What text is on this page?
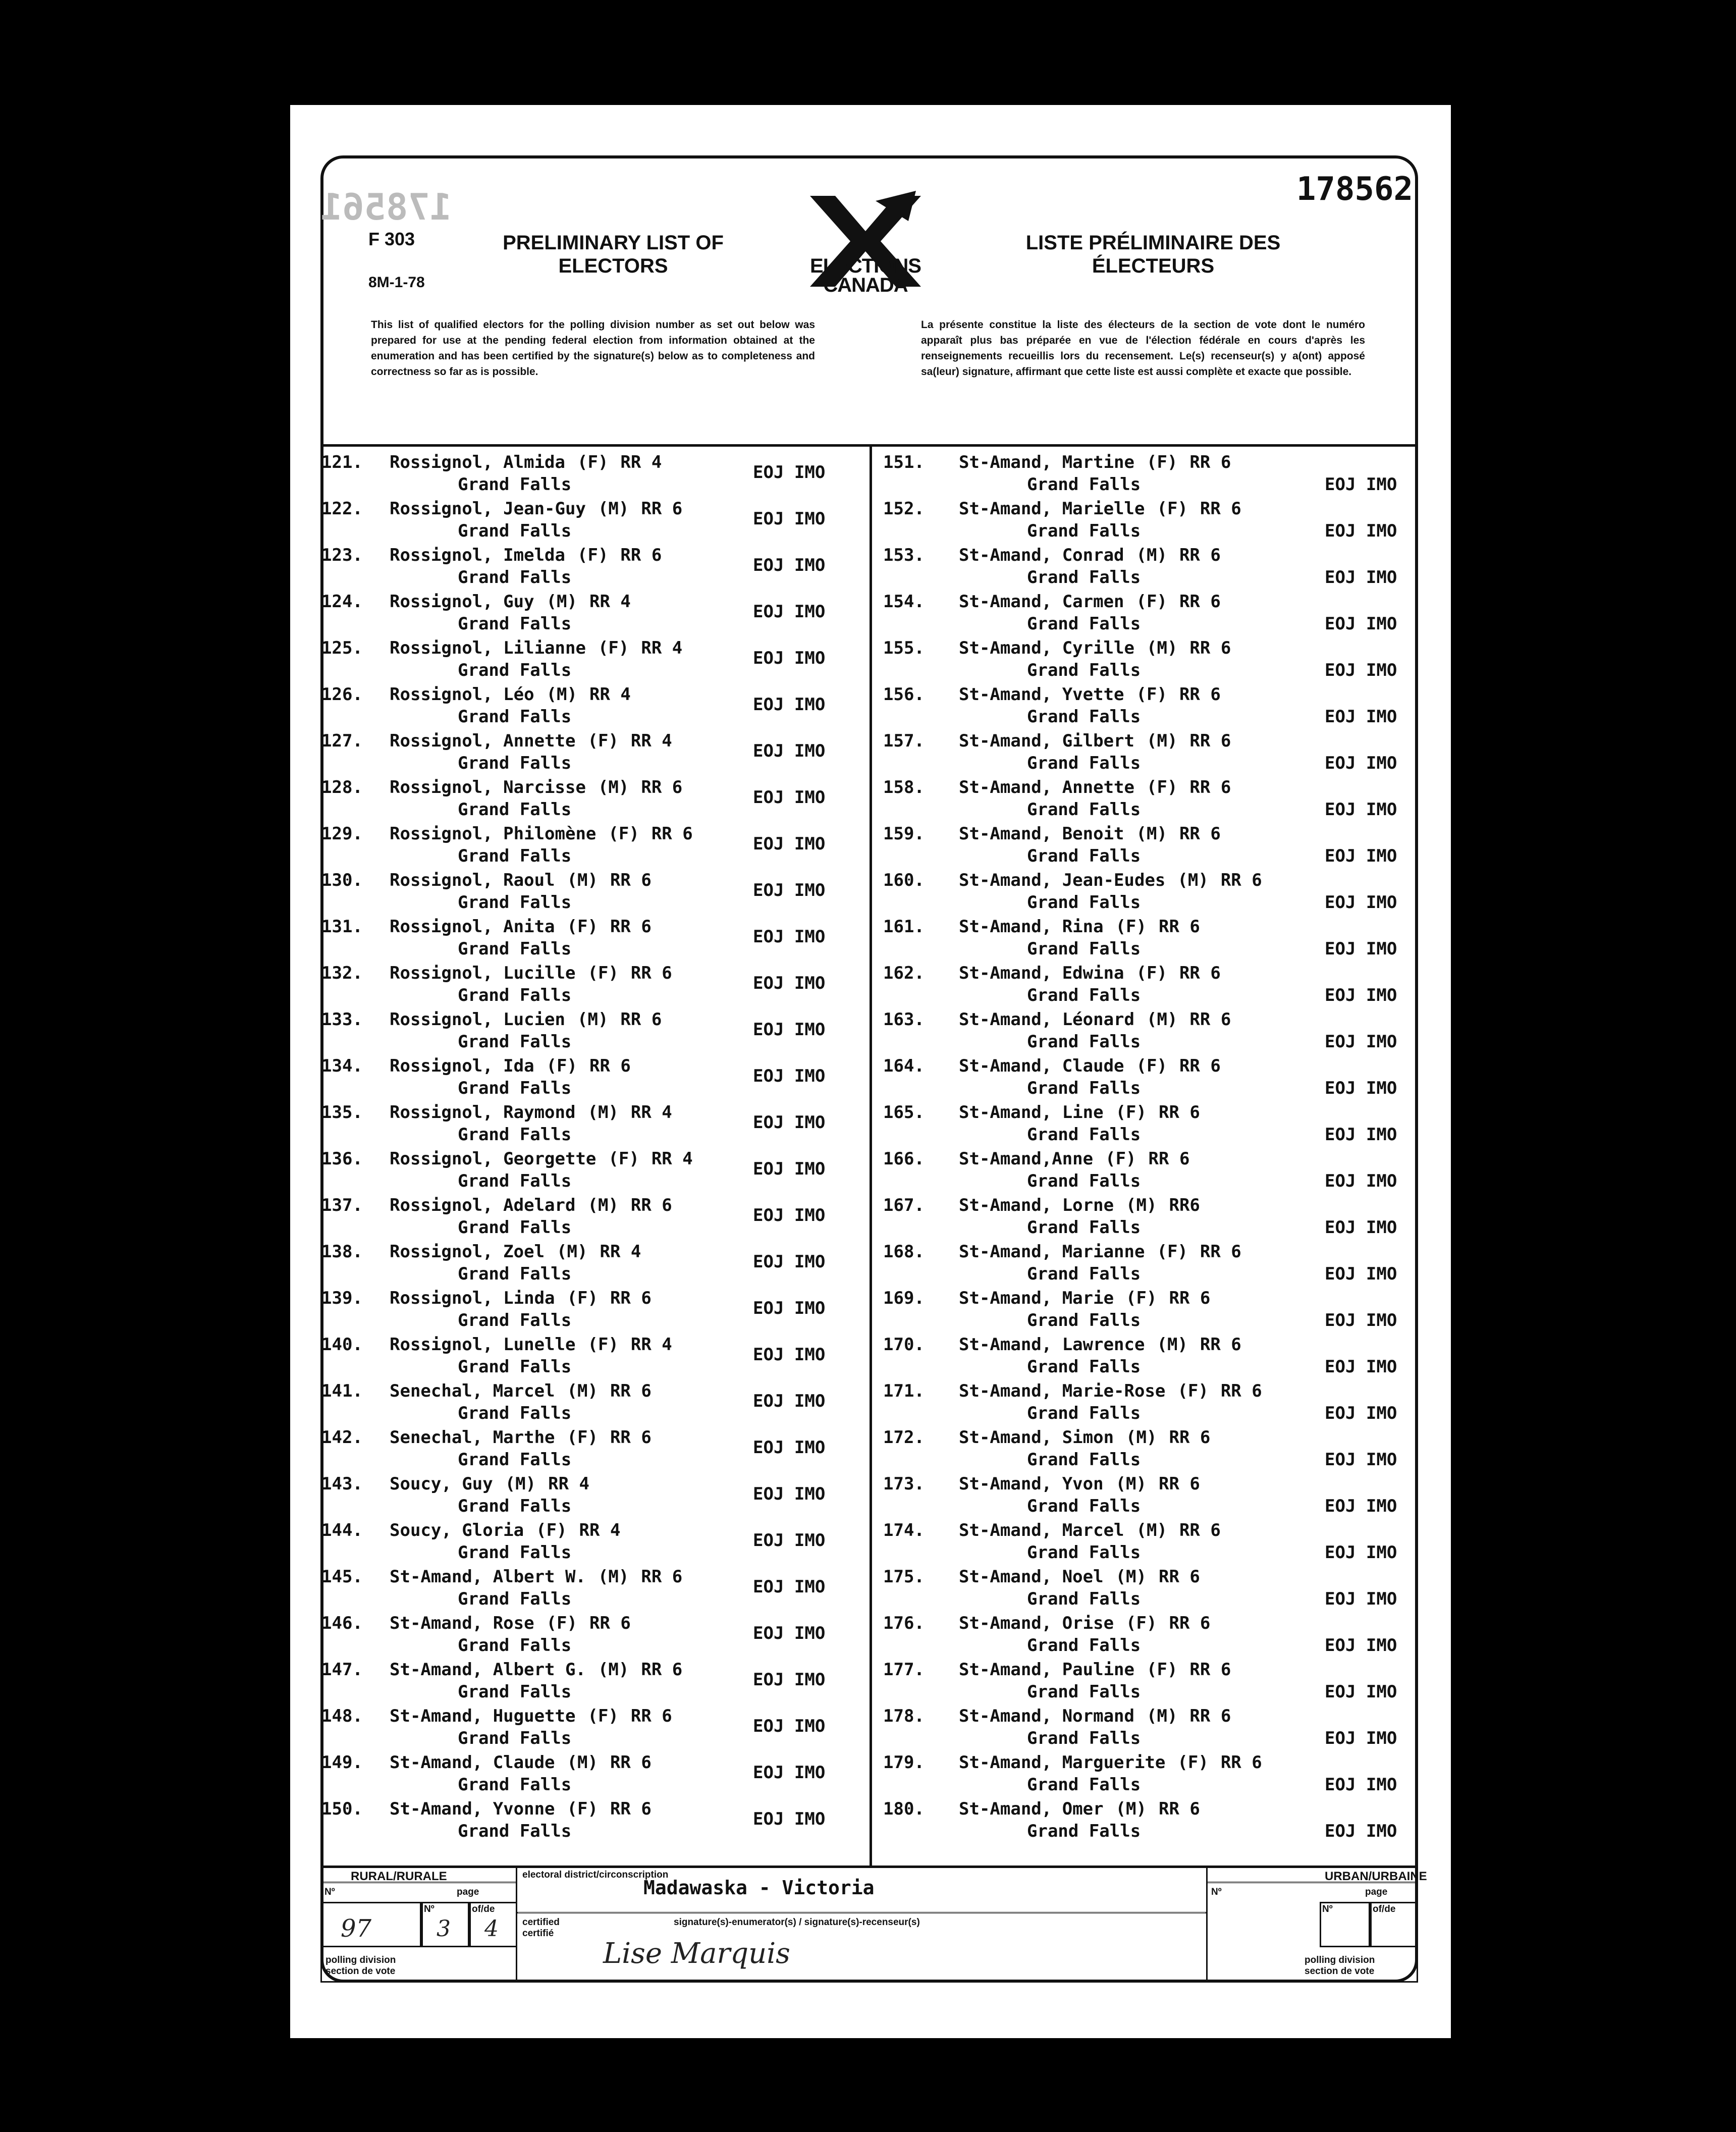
178561	178562
F 303
8M-1-78
PRELIMINARY LIST OF ELECTORS
LISTE PRÉLIMINAIRE DES ÉLECTEURS
ELECTIONS CANADA
This list of qualified electors for the polling division number as set out below was prepared for use at the pending federal election from information obtained at the enumeration and has been certified by the signature(s) below as to completeness and correctness so far as is possible.
La présente constitue la liste des électeurs de la section de vote dont le numéro apparaît plus bas préparée en vue de l'élection fédérale en cours d'après les renseignements recueillis lors du recensement. Le(s) recenseur(s) y a(ont) apposé sa(leur) signature, affirmant que cette liste est aussi complète et exacte que possible.
RURAL/RURALE
Nº	page
97
Nº
3
of/de
4
polling division
section de vote
electoral district/circonscription
Madawaska - Victoria
certified
certifié
signature(s)-enumerator(s) / signature(s)-recenseur(s)
Lise Marquis
URBAN/URBAINE
Nº	page
Nº	of/de
polling division
section de vote
121. Rossignol, Almida (F) RR 4
Grand Falls
EOJ IMO
122. Rossignol, Jean-Guy (M) RR 6
Grand Falls
EOJ IMO
123. Rossignol, Imelda (F) RR 6
Grand Falls
EOJ IMO
124. Rossignol, Guy (M) RR 4
Grand Falls
EOJ IMO
125. Rossignol, Lilianne (F) RR 4
Grand Falls
EOJ IMO
126. Rossignol, Léo (M) RR 4
Grand Falls
EOJ IMO
127. Rossignol, Annette (F) RR 4
Grand Falls
EOJ IMO
128. Rossignol, Narcisse (M) RR 6
Grand Falls
EOJ IMO
129. Rossignol, Philomène (F) RR 6
Grand Falls
EOJ IMO
130. Rossignol, Raoul (M) RR 6
Grand Falls
EOJ IMO
131. Rossignol, Anita (F) RR 6
Grand Falls
EOJ IMO
132. Rossignol, Lucille (F) RR 6
Grand Falls
EOJ IMO
133. Rossignol, Lucien (M) RR 6
Grand Falls
EOJ IMO
134. Rossignol, Ida (F) RR 6
Grand Falls
EOJ IMO
135. Rossignol, Raymond (M) RR 4
Grand Falls
EOJ IMO
136. Rossignol, Georgette (F) RR 4
Grand Falls
EOJ IMO
137. Rossignol, Adelard (M) RR 6
Grand Falls
EOJ IMO
138. Rossignol, Zoel (M) RR 4
Grand Falls
EOJ IMO
139. Rossignol, Linda (F) RR 6
Grand Falls
EOJ IMO
140. Rossignol, Lunelle (F) RR 4
Grand Falls
EOJ IMO
141. Senechal, Marcel (M) RR 6
Grand Falls
EOJ IMO
142. Senechal, Marthe (F) RR 6
Grand Falls
EOJ IMO
143. Soucy, Guy (M) RR 4
Grand Falls
EOJ IMO
144. Soucy, Gloria (F) RR 4
Grand Falls
EOJ IMO
145. St-Amand, Albert W. (M) RR 6
Grand Falls
EOJ IMO
146. St-Amand, Rose (F) RR 6
Grand Falls
EOJ IMO
147. St-Amand, Albert G. (M) RR 6
Grand Falls
EOJ IMO
148. St-Amand, Huguette (F) RR 6
Grand Falls
EOJ IMO
149. St-Amand, Claude (M) RR 6
Grand Falls
EOJ IMO
150. St-Amand, Yvonne (F) RR 6
Grand Falls
EOJ IMO
151. St-Amand, Martine (F) RR 6
Grand Falls	EOJ IMO
152. St-Amand, Marielle (F) RR 6
Grand Falls	EOJ IMO
153. St-Amand, Conrad (M) RR 6
Grand Falls	EOJ IMO
154. St-Amand, Carmen (F) RR 6
Grand Falls	EOJ IMO
155. St-Amand, Cyrille (M) RR 6
Grand Falls	EOJ IMO
156. St-Amand, Yvette (F) RR 6
Grand Falls	EOJ IMO
157. St-Amand, Gilbert (M) RR 6
Grand Falls	EOJ IMO
158. St-Amand, Annette (F) RR 6
Grand Falls	EOJ IMO
159. St-Amand, Benoit (M) RR 6
Grand Falls	EOJ IMO
160. St-Amand, Jean-Eudes (M) RR 6
Grand Falls	EOJ IMO
161. St-Amand, Rina (F) RR 6
Grand Falls	EOJ IMO
162. St-Amand, Edwina (F) RR 6
Grand Falls	EOJ IMO
163. St-Amand, Léonard (M) RR 6
Grand Falls	EOJ IMO
164. St-Amand, Claude (F) RR 6
Grand Falls	EOJ IMO
165. St-Amand, Line (F) RR 6
Grand Falls	EOJ IMO
166. St-Amand,Anne (F) RR 6
Grand Falls	EOJ IMO
167. St-Amand, Lorne (M) RR6
Grand Falls	EOJ IMO
168. St-Amand, Marianne (F) RR 6
Grand Falls	EOJ IMO
169. St-Amand, Marie (F) RR 6
Grand Falls	EOJ IMO
170. St-Amand, Lawrence (M) RR 6
Grand Falls	EOJ IMO
171. St-Amand, Marie-Rose (F) RR 6
Grand Falls	EOJ IMO
172. St-Amand, Simon (M) RR 6
Grand Falls	EOJ IMO
173. St-Amand, Yvon (M) RR 6
Grand Falls	EOJ IMO
174. St-Amand, Marcel (M) RR 6
Grand Falls	EOJ IMO
175. St-Amand, Noel (M) RR 6
Grand Falls	EOJ IMO
176. St-Amand, Orise (F) RR 6
Grand Falls	EOJ IMO
177. St-Amand, Pauline (F) RR 6
Grand Falls	EOJ IMO
178. St-Amand, Normand (M) RR 6
Grand Falls	EOJ IMO
179. St-Amand, Marguerite (F) RR 6
Grand Falls	EOJ IMO
180. St-Amand, Omer (M) RR 6
Grand Falls	EOJ IMO
